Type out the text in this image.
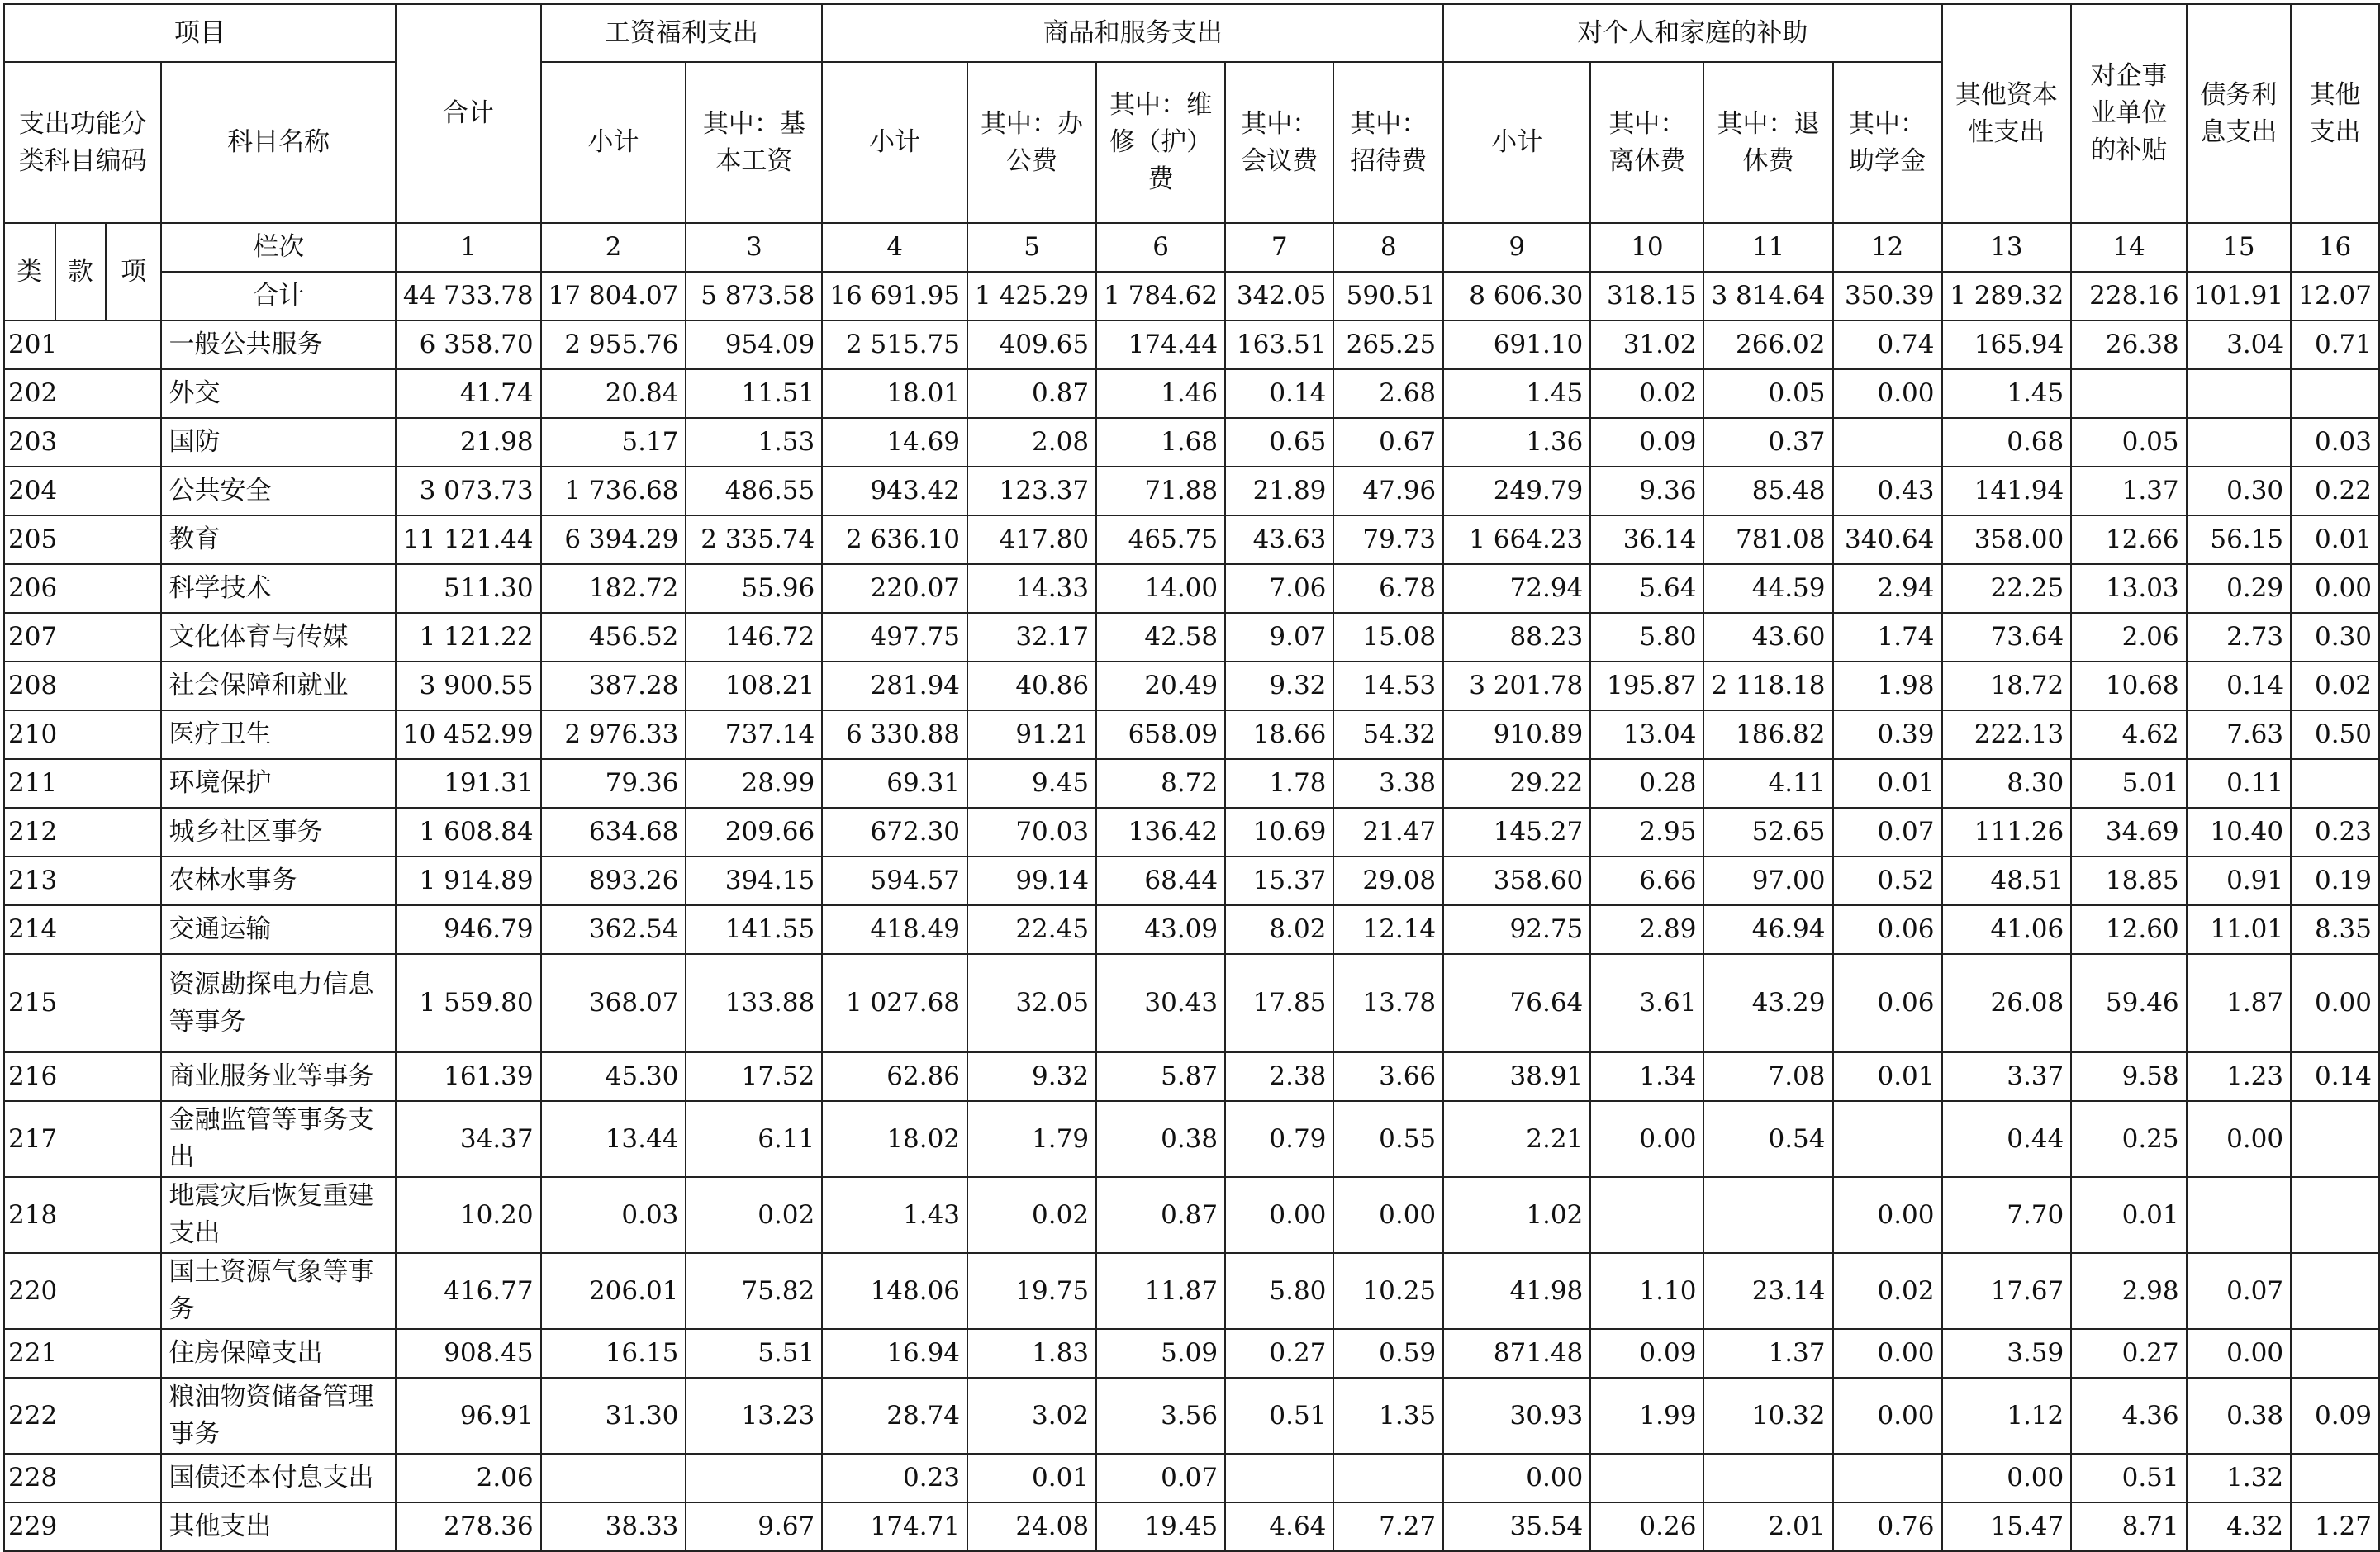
项目				合计	工资福利支出		商品和服务支出					对个人和家庭的补助				其他资本性支出	对企事业单位的补贴	债务利息支出	其他支出
支出功能分类科目编码			科目名称		小计	其中：基本工资	小计	其中：办公费	其中：维修（护）费	其中：会议费	其中：招待费	小计	其中：离休费	其中：退休费	其中：助学金				
类	款	项	栏次	1	2	3	4	5	6	7	8	9	10	11	12	13	14	15	16
			合计	44 733.78	17 804.07	5 873.58	16 691.95	1 425.29	1 784.62	342.05	590.51	8 606.30	318.15	3 814.64	350.39	1 289.32	228.16	101.91	12.07
201			一般公共服务	6 358.70	2 955.76	954.09	2 515.75	409.65	174.44	163.51	265.25	691.10	31.02	266.02	0.74	165.94	26.38	3.04	0.71
202			外交	41.74	20.84	11.51	18.01	0.87	1.46	0.14	2.68	1.45	0.02	0.05	0.00	1.45			
203			国防	21.98	5.17	1.53	14.69	2.08	1.68	0.65	0.67	1.36	0.09	0.37		0.68	0.05		0.03
204			公共安全	3 073.73	1 736.68	486.55	943.42	123.37	71.88	21.89	47.96	249.79	9.36	85.48	0.43	141.94	1.37	0.30	0.22
205			教育	11 121.44	6 394.29	2 335.74	2 636.10	417.80	465.75	43.63	79.73	1 664.23	36.14	781.08	340.64	358.00	12.66	56.15	0.01
206			科学技术	511.30	182.72	55.96	220.07	14.33	14.00	7.06	6.78	72.94	5.64	44.59	2.94	22.25	13.03	0.29	0.00
207			文化体育与传媒	1 121.22	456.52	146.72	497.75	32.17	42.58	9.07	15.08	88.23	5.80	43.60	1.74	73.64	2.06	2.73	0.30
208			社会保障和就业	3 900.55	387.28	108.21	281.94	40.86	20.49	9.32	14.53	3 201.78	195.87	2 118.18	1.98	18.72	10.68	0.14	0.02
210			医疗卫生	10 452.99	2 976.33	737.14	6 330.88	91.21	658.09	18.66	54.32	910.89	13.04	186.82	0.39	222.13	4.62	7.63	0.50
211			环境保护	191.31	79.36	28.99	69.31	9.45	8.72	1.78	3.38	29.22	0.28	4.11	0.01	8.30	5.01	0.11	
212			城乡社区事务	1 608.84	634.68	209.66	672.30	70.03	136.42	10.69	21.47	145.27	2.95	52.65	0.07	111.26	34.69	10.40	0.23
213			农林水事务	1 914.89	893.26	394.15	594.57	99.14	68.44	15.37	29.08	358.60	6.66	97.00	0.52	48.51	18.85	0.91	0.19
214			交通运输	946.79	362.54	141.55	418.49	22.45	43.09	8.02	12.14	92.75	2.89	46.94	0.06	41.06	12.60	11.01	8.35
215			资源勘探电力信息等事务	1 559.80	368.07	133.88	1 027.68	32.05	30.43	17.85	13.78	76.64	3.61	43.29	0.06	26.08	59.46	1.87	0.00
216			商业服务业等事务	161.39	45.30	17.52	62.86	9.32	5.87	2.38	3.66	38.91	1.34	7.08	0.01	3.37	9.58	1.23	0.14
217			金融监管等事务支出	34.37	13.44	6.11	18.02	1.79	0.38	0.79	0.55	2.21	0.00	0.54		0.44	0.25	0.00	
218			地震灾后恢复重建支出	10.20	0.03	0.02	1.43	0.02	0.87	0.00	0.00	1.02			0.00	7.70	0.01		
220			国土资源气象等事务	416.77	206.01	75.82	148.06	19.75	11.87	5.80	10.25	41.98	1.10	23.14	0.02	17.67	2.98	0.07	
221			住房保障支出	908.45	16.15	5.51	16.94	1.83	5.09	0.27	0.59	871.48	0.09	1.37	0.00	3.59	0.27	0.00	
222			粮油物资储备管理事务	96.91	31.30	13.23	28.74	3.02	3.56	0.51	1.35	30.93	1.99	10.32	0.00	1.12	4.36	0.38	0.09
228			国债还本付息支出	2.06			0.23	0.01	0.07			0.00				0.00	0.51	1.32	
229			其他支出	278.36	38.33	9.67	174.71	24.08	19.45	4.64	7.27	35.54	0.26	2.01	0.76	15.47	8.71	4.32	1.27
